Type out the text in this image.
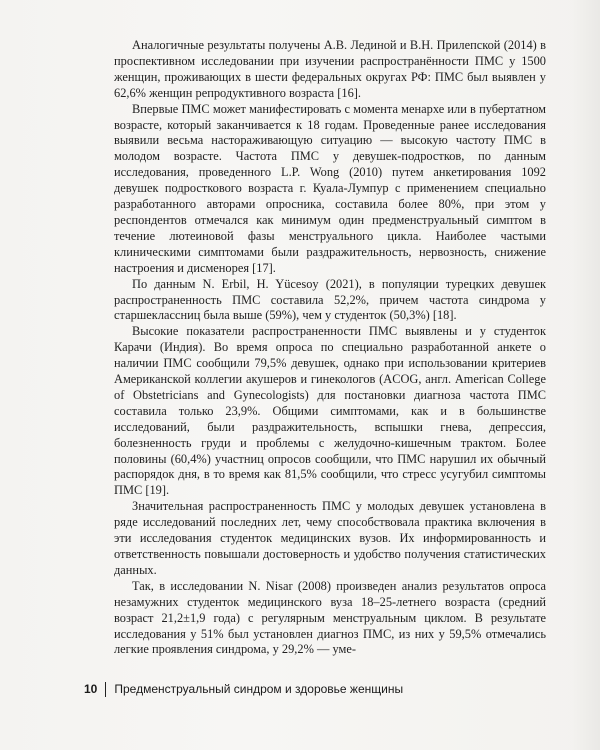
Аналогичные результаты получены А.В. Лединой и В.Н. Прилепской (2014) в проспективном исследовании при изучении распространённости ПМС у 1500 женщин, проживающих в шести федеральных округах РФ: ПМС был выявлен у 62,6% женщин репродуктивного возраста [16].

Впервые ПМС может манифестировать с момента менархе или в пубертатном возрасте, который заканчивается к 18 годам. Проведенные ранее исследования выявили весьма настораживающую ситуацию — высокую частоту ПМС в молодом возрасте. Частота ПМС у девушек-подростков, по данным исследования, проведенного L.P. Wong (2010) путем анкетирования 1092 девушек подросткового возраста г. Куала-Лумпур с применением специально разработанного авторами опросника, составила более 80%, при этом у респондентов отмечался как минимум один предменструальный симптом в течение лютеиновой фазы менструального цикла. Наиболее частыми клиническими симптомами были раздражительность, нервозность, снижение настроения и дисменорея [17].

По данным N. Erbil, H. Yücesoy (2021), в популяции турецких девушек распространенность ПМС составила 52,2%, причем частота синдрома у старшеклассниц была выше (59%), чем у студенток (50,3%) [18].

Высокие показатели распространенности ПМС выявлены и у студенток Карачи (Индия). Во время опроса по специально разработанной анкете о наличии ПМС сообщили 79,5% девушек, однако при использовании критериев Американской коллегии акушеров и гинекологов (ACOG, англ. American College of Obstetricians and Gynecologists) для постановки диагноза частота ПМС составила только 23,9%. Общими симптомами, как и в большинстве исследований, были раздражительность, вспышки гнева, депрессия, болезненность груди и проблемы с желудочно-кишечным трактом. Более половины (60,4%) участниц опросов сообщили, что ПМС нарушил их обычный распорядок дня, в то время как 81,5% сообщили, что стресс усугубил симптомы ПМС [19].

Значительная распространенность ПМС у молодых девушек установлена в ряде исследований последних лет, чему способствовала практика включения в эти исследования студенток медицинских вузов. Их информированность и ответственность повышали достоверность и удобство получения статистических данных.

Так, в исследовании N. Nisar (2008) произведен анализ результатов опроса незамужних студенток медицинского вуза 18–25-летнего возраста (средний возраст 21,2±1,9 года) с регулярным менструальным циклом. В результате исследования у 51% был установлен диагноз ПМС, из них у 59,5% отмечались легкие проявления синдрома, у 29,2% — уме-

10	Предменструальный синдром и здоровье женщины
